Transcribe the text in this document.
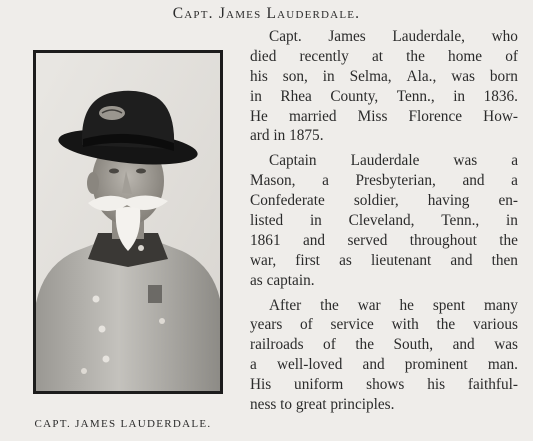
Capt. James Lauderdale.
CAPT. JAMES LAUDERDALE.
Capt. James Lauderdale, who
died recently at the home of
his son, in Selma, Ala., was born
in Rhea County, Tenn., in 1836.
He married Miss Florence How-
ard in 1875.
Captain Lauderdale was a
Mason, a Presbyterian, and a
Confederate soldier, having en-
listed in Cleveland, Tenn., in
1861 and served throughout the
war, first as lieutenant and then
as captain.
After the war he spent many
years of service with the various
railroads of the South, and was
a well-loved and prominent man.
His uniform shows his faithful-
ness to great principles.
